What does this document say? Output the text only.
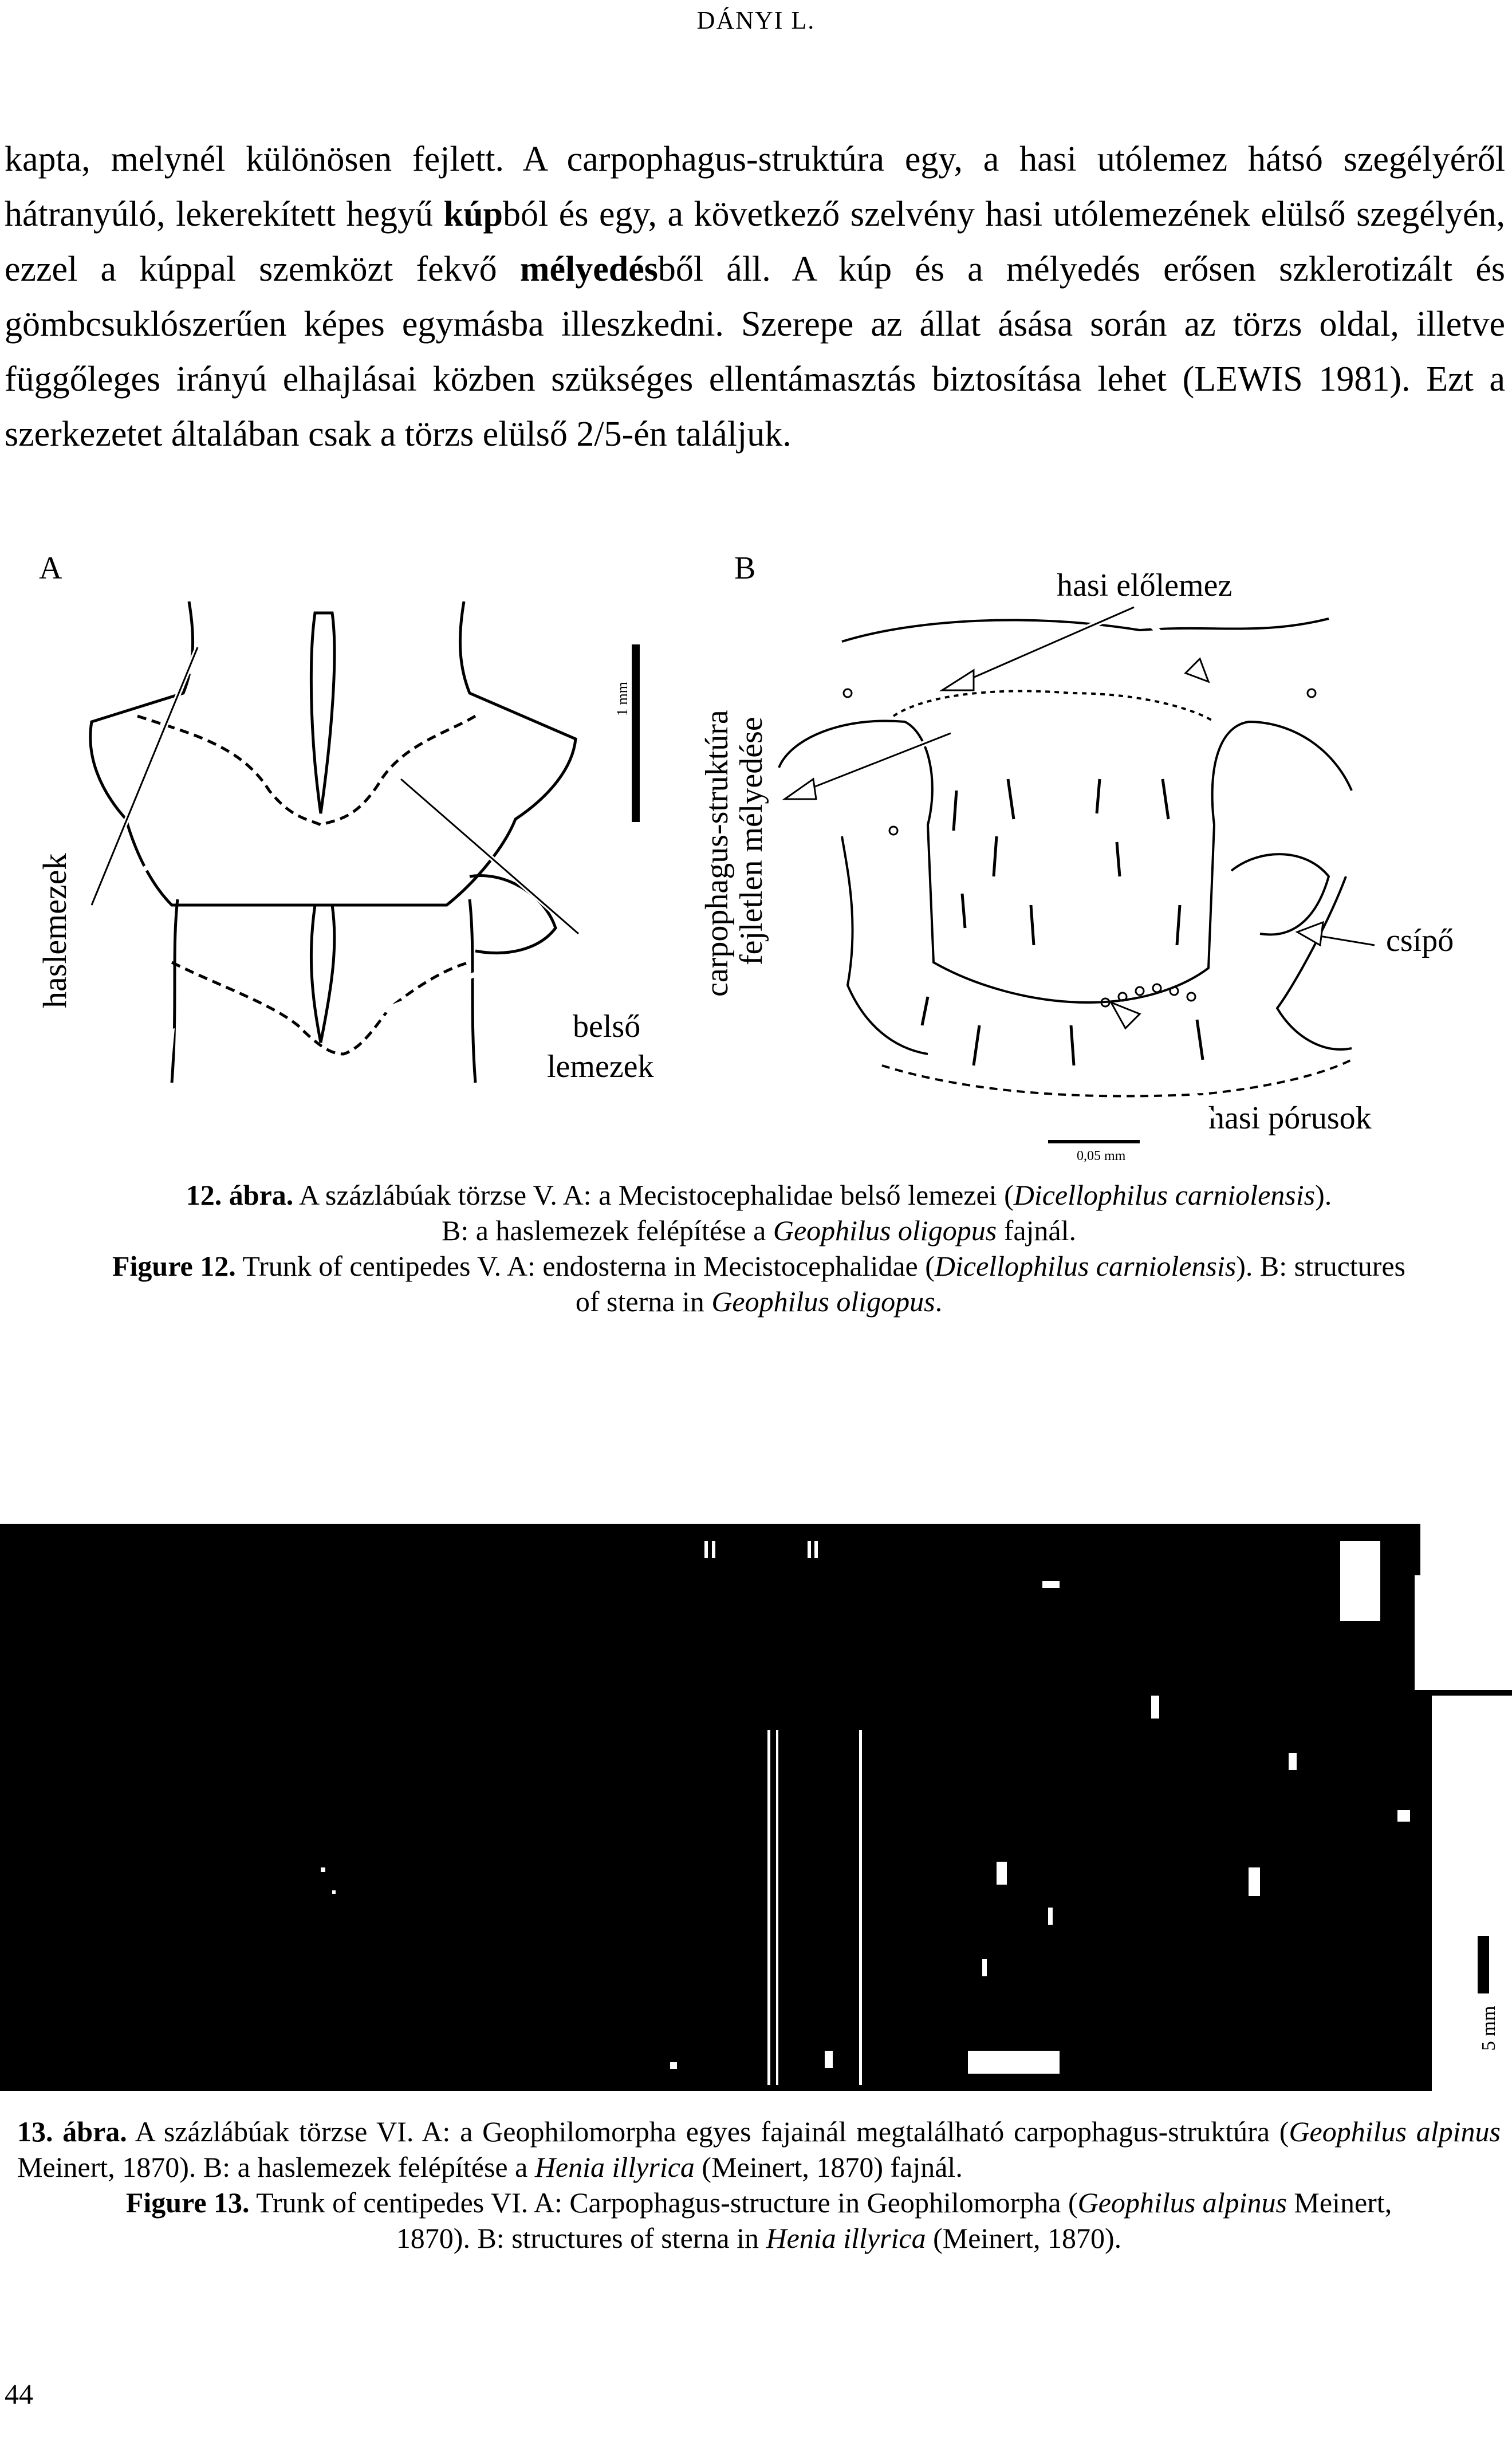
DÁNYI L.

kapta, melynél különösen fejlett. A carpophagus-struktúra egy, a hasi utólemez hátsó szegélyéről hátranyúló, lekerekített hegyű kúpból és egy, a következő szelvény hasi utólemezének elülső szegélyén, ezzel a kúppal szemközt fekvő mélyedésből áll. A kúp és a mélyedés erősen szklerotizált és gömbcsuklószerűen képes egymásba illeszkedni. Szerepe az állat ásása során az törzs oldal, illetve függőleges irányú elhajlásai közben szükséges ellentámasztás biztosítása lehet (LEWIS 1981). Ezt a szerkezetet általában csak a törzs elülső 2/5-én találjuk.

A
haslemezek
1 mm
belső
lemezek
B
carpophagus-struktúra
fejletlen mélyedése
hasi előlemez
csípő
hasi pórusok
0,05 mm
12. ábra. A százlábúak törzse V. A: a Mecistocephalidae belső lemezei (Dicellophilus carniolensis).
B: a haslemezek felépítése a Geophilus oligopus fajnál.
Figure 12. Trunk of centipedes V. A: endosterna in Mecistocephalidae (Dicellophilus carniolensis). B: structures
of sterna in Geophilus oligopus.
5 mm
13. ábra. A százlábúak törzse VI. A: a Geophilomorpha egyes fajainál megtalálható carpophagus-struktúra (Geophilus alpinus Meinert, 1870). B: a haslemezek felépítése a Henia illyrica (Meinert, 1870) fajnál.
Figure 13. Trunk of centipedes VI. A: Carpophagus-structure in Geophilomorpha (Geophilus alpinus Meinert,
1870). B: structures of sterna in Henia illyrica (Meinert, 1870).
44
